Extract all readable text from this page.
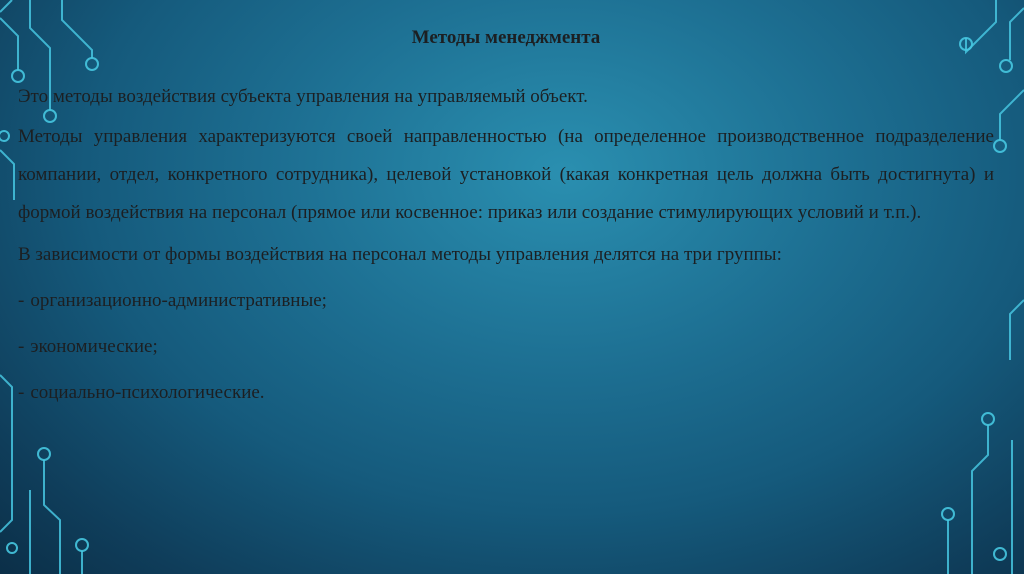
Методы менеджмента

Это методы воздействия субъекта управления на управляемый объект.

Методы управления характеризуются своей направленностью (на определенное производственное подразделение компании, отдел, конкретного сотрудника), целевой установкой (какая конкретная цель должна быть достигнута) и формой воздействия на персонал (прямое или косвенное: приказ или создание стимулирующих условий и т.п.).

В зависимости от формы воздействия на персонал методы управления делятся на три группы:

- организационно-административные;
- экономические;
- социально-психологические.
